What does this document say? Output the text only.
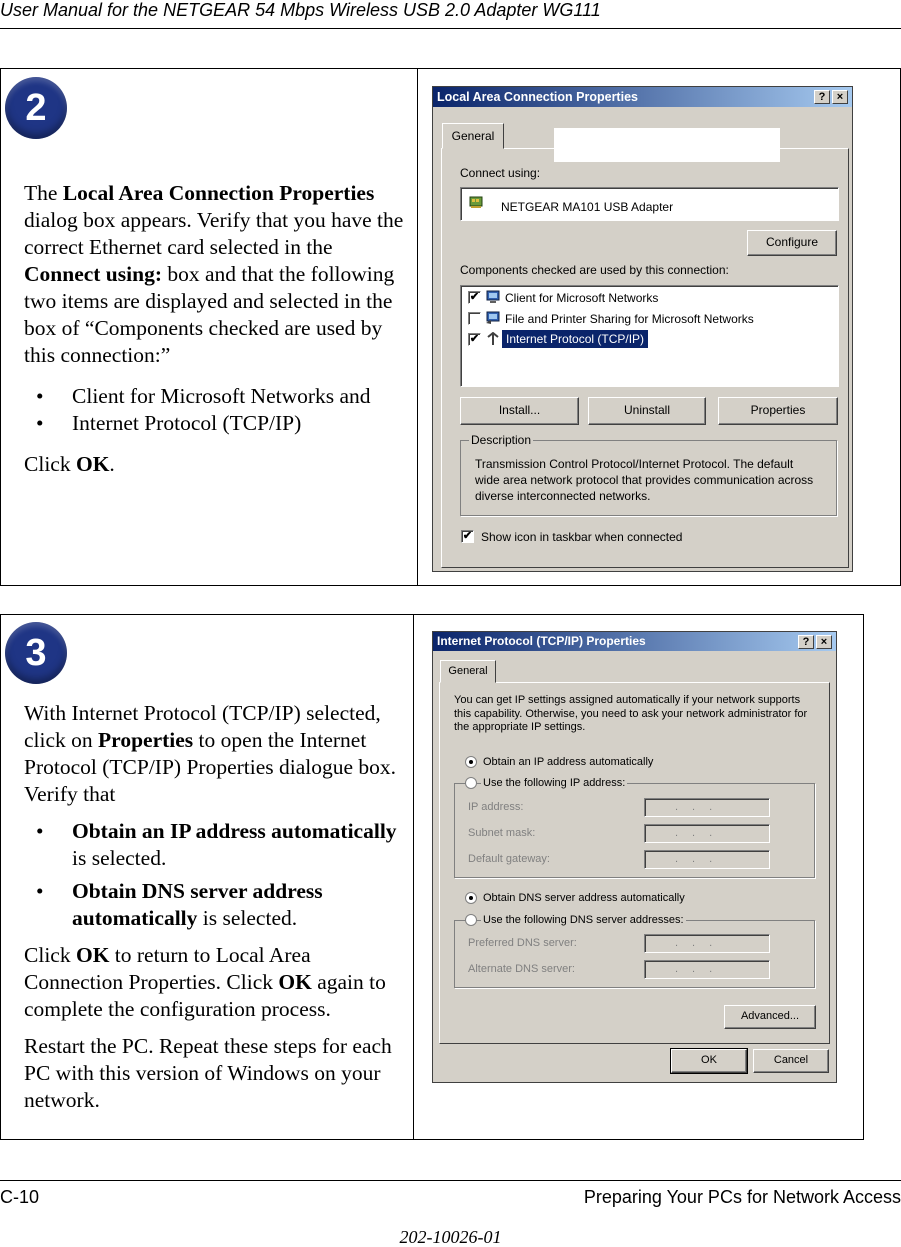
User Manual for the NETGEAR 54 Mbps Wireless USB 2.0 Adapter WG111
2

The Local Area Connection Properties dialog box appears. Verify that you have the correct Ethernet card selected in the Connect using: box and that the following two items are displayed and selected in the box of “Components checked are used by this connection:”

•	Client for Microsoft Networks and
•	Internet Protocol (TCP/IP)

Click OK.

Local Area Connection Properties	?	×
General
Connect using:
NETGEAR MA101 USB Adapter
Configure
Components checked are used by this connection:
✔ Client for Microsoft Networks
File and Printer Sharing for Microsoft Networks
✔	Internet Protocol (TCP/IP)
Install...	Uninstall	Properties
Description
Transmission Control Protocol/Internet Protocol. The default wide area network protocol that provides communication across diverse interconnected networks.
✔ Show icon in taskbar when connected
3

With Internet Protocol (TCP/IP) selected, click on Properties to open the Internet Protocol (TCP/IP) Properties dialogue box. Verify that

•	Obtain an IP address automatically is selected.
•	Obtain DNS server address automatically is selected.

Click OK to return to Local Area Connection Properties. Click OK again to complete the configuration process.

Restart the PC. Repeat these steps for each PC with this version of Windows on your network.

Internet Protocol (TCP/IP) Properties	?	×
General
You can get IP settings assigned automatically if your network supports this capability. Otherwise, you need to ask your network administrator for the appropriate IP settings.
Obtain an IP address automatically
Use the following IP address:
IP address:	...
Subnet mask:	...
Default gateway:	...
Obtain DNS server address automatically
Use the following DNS server addresses:
Preferred DNS server:	...
Alternate DNS server:	...
Advanced...
OK	Cancel
C-10	Preparing Your PCs for Network Access
202-10026-01
